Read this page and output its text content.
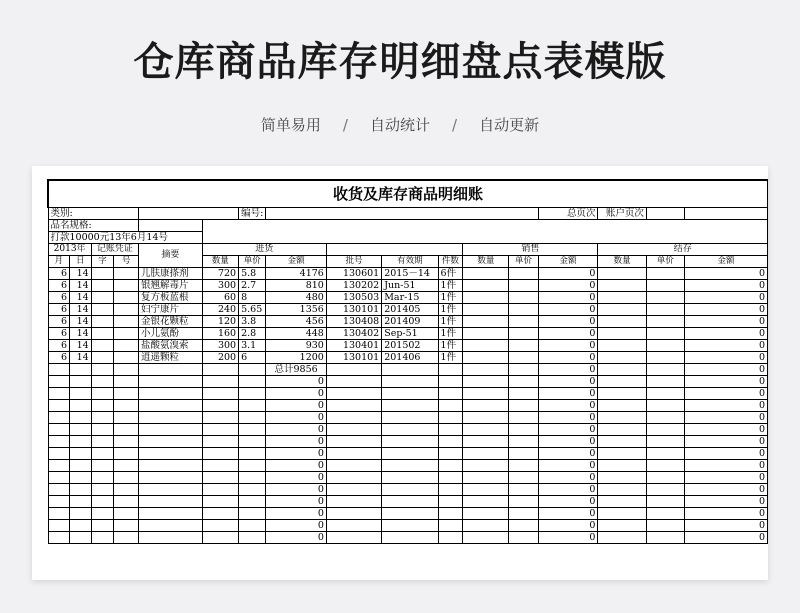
仓库商品库存明细盘点表模版
简单易用 / 自动统计 / 自动更新
收货及库存商品明细账																
类别:						编号:							总页次	账户页次		
品名规格:																
打款10000元13年6月14号																
2013年		记账凭证		摘要	进货						销售			结存		
月	日	字	号		数量	单价	金额	批号	有效期	件数	数量	单价	金额	数量	单价	金额
6	14			儿肤康搽剂	720	5.8	4176	130601	2015－14	6件			0			0
6	14			银翘解毒片	300	2.7	810	130202	Jun-51	1件			0			0
6	14			复方板蓝根	60	8	480	130503	Mar-15	1件			0			0
6	14			妇宁康片	240	5.65	1356	130101	201405	1件			0			0
6	14			金银花颗粒	120	3.8	456	130408	201409	1件			0			0
6	14			小儿氨酚	160	2.8	448	130402	Sep-51	1件			0			0
6	14			盐酸氨溴索	300	3.1	930	130401	201502	1件			0			0
6	14			逍遥颗粒	200	6	1200	130101	201406	1件			0			0
							总计9856						0			0
							0						0			0
							0						0			0
							0						0			0
							0						0			0
							0						0			0
							0						0			0
							0						0			0
							0						0			0
							0						0			0
							0						0			0
							0						0			0
							0						0			0
							0						0			0
							0						0			0
